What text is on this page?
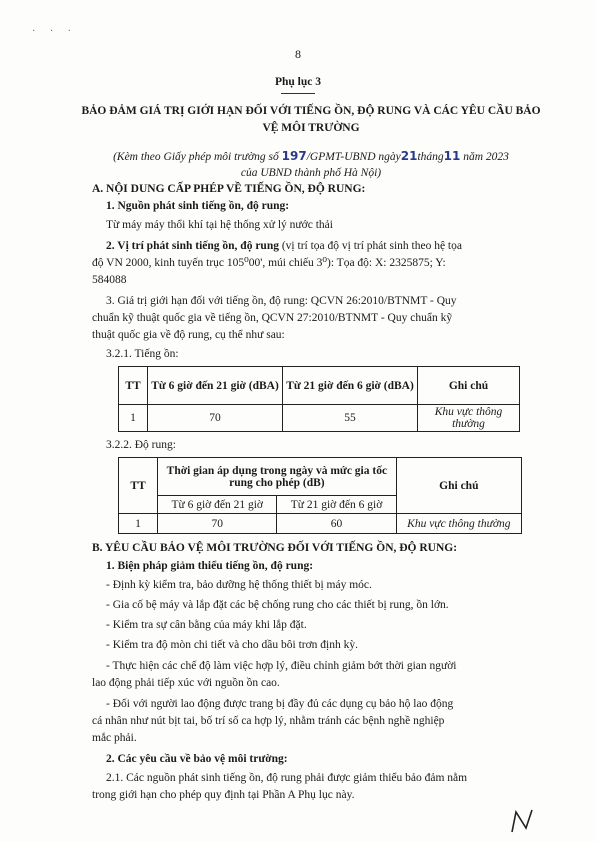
· · ·
8
Phụ lục 3
BẢO ĐẢM GIÁ TRỊ GIỚI HẠN ĐỐI VỚI TIẾNG ỒN, ĐỘ RUNG VÀ CÁC YÊU CẦU BẢO VỆ MÔI TRƯỜNG
(Kèm theo Giấy phép môi trường số 197/GPMT-UBND ngày21tháng11 năm 2023
của UBND thành phố Hà Nội)
A. NỘI DUNG CẤP PHÉP VỀ TIẾNG ỒN, ĐỘ RUNG:
1. Nguồn phát sinh tiếng ồn, độ rung:
Từ máy máy thổi khí tại hệ thống xử lý nước thải
2. Vị trí phát sinh tiếng ồn, độ rung (vị trí tọa độ vị trí phát sinh theo hệ tọa
độ VN 2000, kinh tuyến trục 105⁰00', múi chiếu 3⁰): Tọa độ: X: 2325875; Y:
584088
3. Giá trị giới hạn đối với tiếng ồn, độ rung: QCVN 26:2010/BTNMT - Quy
chuẩn kỹ thuật quốc gia về tiếng ồn, QCVN 27:2010/BTNMT - Quy chuẩn kỹ
thuật quốc gia về độ rung, cụ thể như sau:
3.2.1. Tiếng ồn:
TT	Từ 6 giờ đến 21 giờ (dBA)	Từ 21 giờ đến 6 giờ (dBA)	Ghi chú
1	70	55	Khu vực thông thường
3.2.2. Độ rung:
TT	Thời gian áp dụng trong ngày và mức gia tốc rung cho phép (dB)		Ghi chú
	Từ 6 giờ đến 21 giờ	Từ 21 giờ đến 6 giờ	
1	70	60	Khu vực thông thường
B. YÊU CẦU BẢO VỆ MÔI TRƯỜNG ĐỐI VỚI TIẾNG ỒN, ĐỘ RUNG:
1. Biện pháp giảm thiểu tiếng ồn, độ rung:
- Định kỳ kiểm tra, bảo dưỡng hệ thống thiết bị máy móc.
- Gia cố bệ máy và lắp đặt các bệ chống rung cho các thiết bị rung, ồn lớn.
- Kiểm tra sự cân bằng của máy khi lắp đặt.
- Kiểm tra độ mòn chi tiết và cho dầu bôi trơn định kỳ.
- Thực hiện các chế độ làm việc hợp lý, điều chỉnh giảm bớt thời gian người
lao động phải tiếp xúc với nguồn ồn cao.
- Đối với người lao động được trang bị đầy đủ các dụng cụ bảo hộ lao động
cá nhân như nút bịt tai, bố trí số ca hợp lý, nhằm tránh các bệnh nghề nghiệp
mắc phải.
2. Các yêu cầu về bảo vệ môi trường:
2.1. Các nguồn phát sinh tiếng ồn, độ rung phải được giảm thiểu bảo đảm nằm
trong giới hạn cho phép quy định tại Phần A Phụ lục này.
